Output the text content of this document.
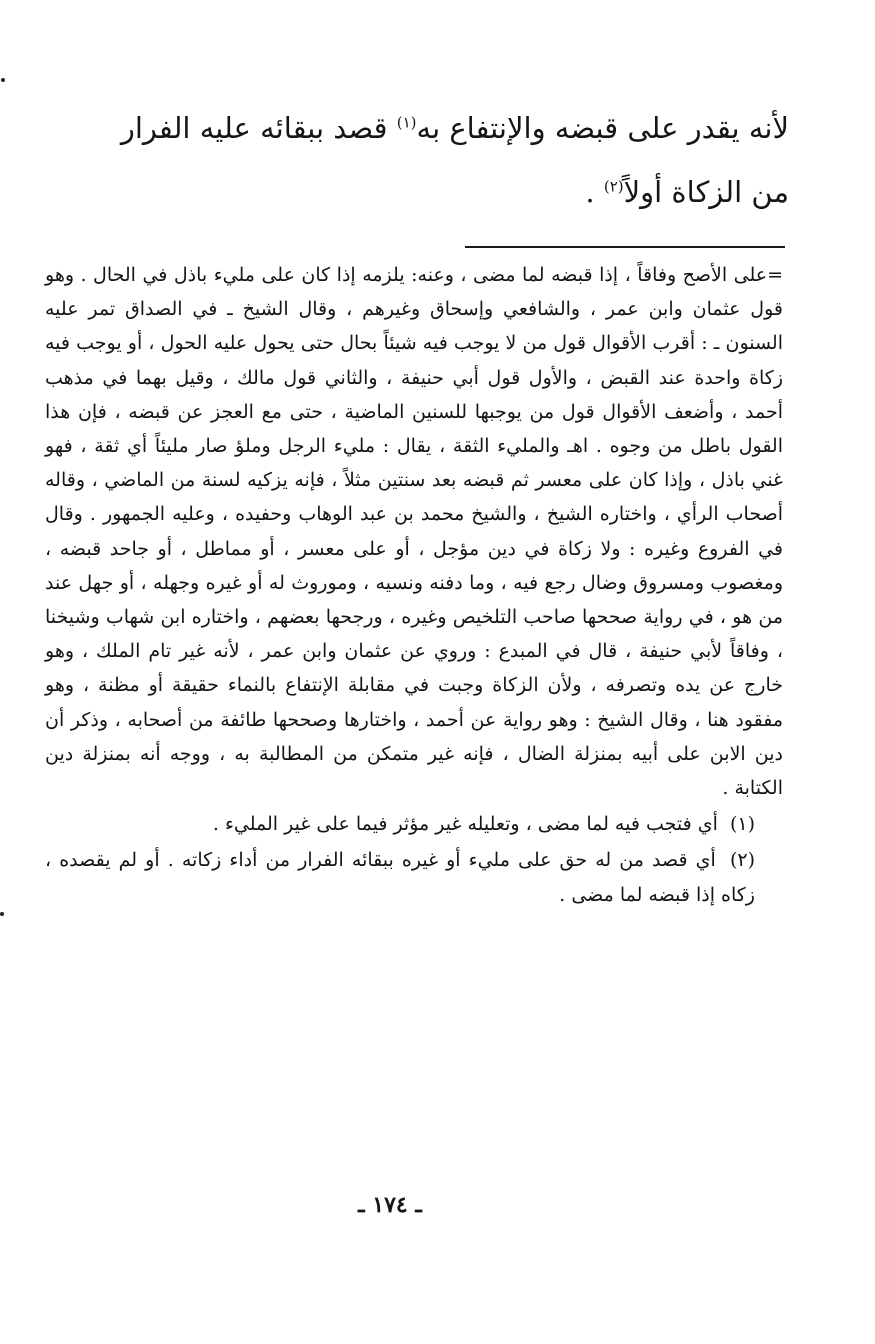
لأنه يقدر على قبضه والإنتفاع به$^{(١)}$ قصد ببقائه عليه الفرار

من الزكاة أولاً$^{(٢)}$ .

=على الأصح وفاقاً ، إذا قبضه لما مضى ، وعنه: يلزمه إذا كان على مليء باذل في الحال . وهو قول عثمان وابن عمر ، والشافعي وإسحاق وغيرهم ، وقال الشيخ ـ في الصداق تمر عليه السنون ـ : أقرب الأقوال قول من لا يوجب فيه شيئاً بحال حتى يحول عليه الحول ، أو يوجب فيه زكاة واحدة عند القبض ، والأول قول أبي حنيفة ، والثاني قول مالك ، وقيل بهما في مذهب أحمد ، وأضعف الأقوال قول من يوجبها للسنين الماضية ، حتى مع العجز عن قبضه ، فإن هذا القول باطل من وجوه . اهـ والمليء الثقة ، يقال : مليء الرجل وملؤ صار مليئاً أي ثقة ، فهو غني باذل ، وإذا كان على معسر ثم قبضه بعد سنتين مثلاً ، فإنه يزكيه لسنة من الماضي ، وقاله أصحاب الرأي ، واختاره الشيخ ، والشيخ محمد بن عبد الوهاب وحفيده ، وعليه الجمهور . وقال في الفروع وغيره : ولا زكاة في دين مؤجل ، أو على معسر ، أو مماطل ، أو جاحد قبضه ، ومغصوب ومسروق وضال رجع فيه ، وما دفنه ونسيه ، وموروث له أو غيره وجهله ، أو جهل عند من هو ، في رواية صححها صاحب التلخيص وغيره ، ورجحها بعضهم ، واختاره ابن شهاب وشيخنا ، وفاقاً لأبي حنيفة ، قال في المبدع : وروي عن عثمان وابن عمر ، لأنه غير تام الملك ، وهو خارج عن يده وتصرفه ، ولأن الزكاة وجبت في مقابلة الإنتفاع بالنماء حقيقة أو مظنة ، وهو مفقود هنا ، وقال الشيخ : وهو رواية عن أحمد ، واختارها وصححها طائفة من أصحابه ، وذكر أن دين الابن على أبيه بمنزلة الضال ، فإنه غير متمكن من المطالبة به ، ووجه أنه بمنزلة دين الكتابة .

(١) أي فتجب فيه لما مضى ، وتعليله غير مؤثر فيما على غير المليء .

(٢) أي قصد من له حق على مليء أو غيره ببقائه الفرار من أداء زكاته . أو لم يقصده ، زكاه إذا قبضه لما مضى .

ـ ١٧٤ ـ
